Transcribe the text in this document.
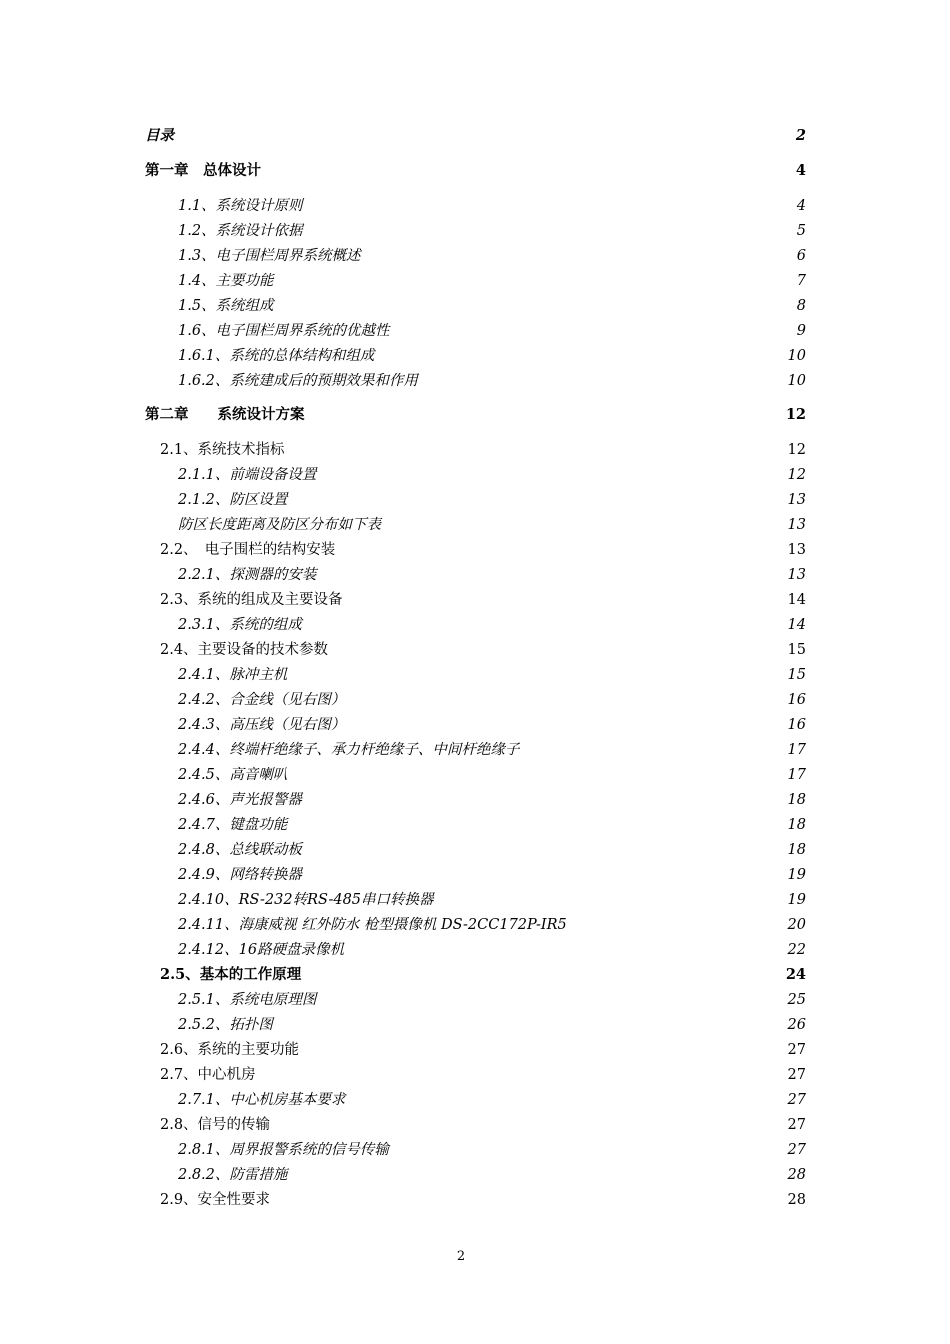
目录	2
第一章　总体设计	4
1.1、系统设计原则	4
1.2、系统设计依据	5
1.3、电子围栏周界系统概述	6
1.4、主要功能	7
1.5、系统组成	8
1.6、电子围栏周界系统的优越性	9
1.6.1、系统的总体结构和组成	10
1.6.2、系统建成后的预期效果和作用	10
第二章　　系统设计方案	12
2.1、系统技术指标	12
2.1.1、前端设备设置	12
2.1.2、防区设置	13
防区长度距离及防区分布如下表	13
2.2、　电子围栏的结构安装	13
2.2.1、探测器的安装	13
2.3、系统的组成及主要设备	14
2.3.1、系统的组成	14
2.4、主要设备的技术参数	15
2.4.1、脉冲主机	15
2.4.2、合金线（见右图）	16
2.4.3、高压线（见右图）	16
2.4.4、终端杆绝缘子、承力杆绝缘子、中间杆绝缘子	17
2.4.5、高音喇叭	17
2.4.6、声光报警器	18
2.4.7、键盘功能	18
2.4.8、总线联动板	18
2.4.9、网络转换器	19
2.4.10、RS-232转RS-485串口转换器	19
2.4.11、海康威视 红外防水 枪型摄像机 DS-2CC172P-IR5	20
2.4.12、16路硬盘录像机	22
2.5、基本的工作原理	24
2.5.1、系统电原理图	25
2.5.2、拓扑图	26
2.6、系统的主要功能	27
2.7、中心机房	27
2.7.1、中心机房基本要求	27
2.8、信号的传输	27
2.8.1、周界报警系统的信号传输	27
2.8.2、防雷措施	28
2.9、安全性要求	28
2
